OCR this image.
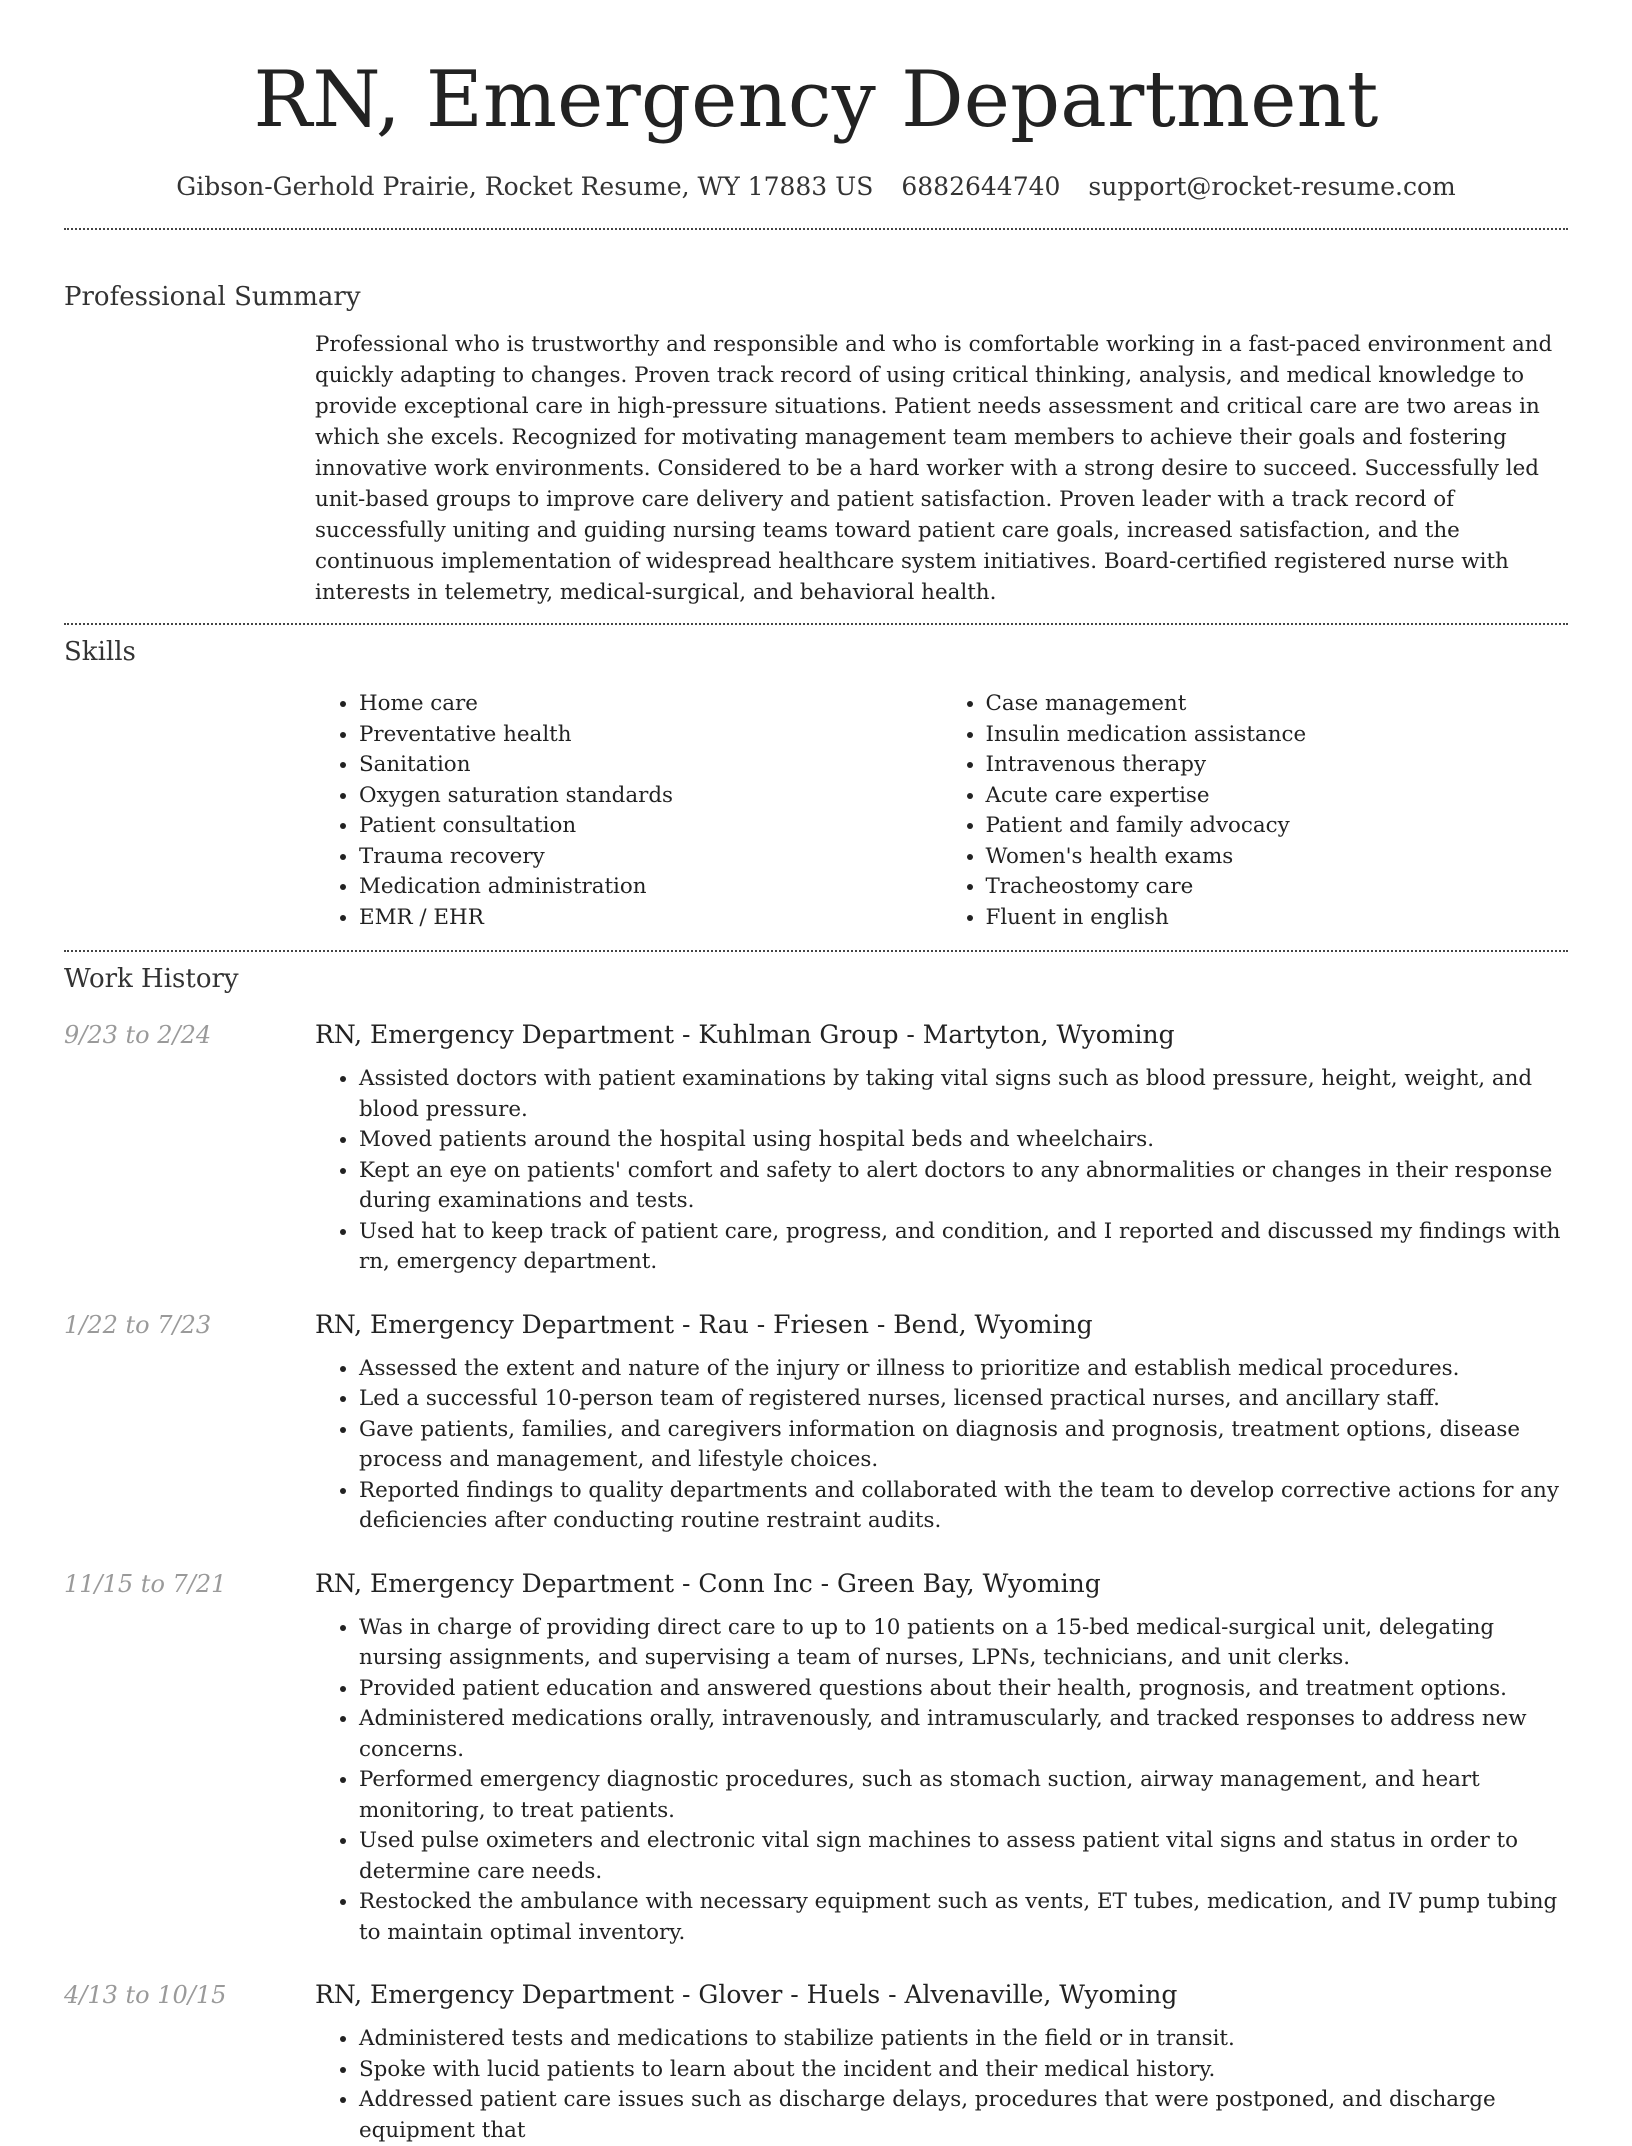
RN, Emergency Department
Gibson-Gerhold Prairie, Rocket Resume, WY 17883 US 6882644740 support@rocket-resume.com
Professional Summary

Professional who is trustworthy and responsible and who is comfortable working in a fast-paced environment and quickly adapting to changes. Proven track record of using critical thinking, analysis, and medical knowledge to provide exceptional care in high-pressure situations. Patient needs assessment and critical care are two areas in which she excels. Recognized for motivating management team members to achieve their goals and fostering innovative work environments. Considered to be a hard worker with a strong desire to succeed. Successfully led unit-based groups to improve care delivery and patient satisfaction. Proven leader with a track record of successfully uniting and guiding nursing teams toward patient care goals, increased satisfaction, and the continuous implementation of widespread healthcare system initiatives. Board-certified registered nurse with interests in telemetry, medical-surgical, and behavioral health.

Skills
• Home care
• Preventative health
• Sanitation
• Oxygen saturation standards
• Patient consultation
• Trauma recovery
• Medication administration
• EMR / EHR
• Case management
• Insulin medication assistance
• Intravenous therapy
• Acute care expertise
• Patient and family advocacy
• Women's health exams
• Tracheostomy care
• Fluent in english
Work History
9/23 to 2/24	RN, Emergency Department - Kuhlman Group - Martyton, Wyoming
• Assisted doctors with patient examinations by taking vital signs such as blood pressure, height, weight, and blood pressure.
• Moved patients around the hospital using hospital beds and wheelchairs.
• Kept an eye on patients' comfort and safety to alert doctors to any abnormalities or changes in their response during examinations and tests.
• Used hat to keep track of patient care, progress, and condition, and I reported and discussed my findings with rn, emergency department.
1/22 to 7/23	RN, Emergency Department - Rau - Friesen - Bend, Wyoming
• Assessed the extent and nature of the injury or illness to prioritize and establish medical procedures.
• Led a successful 10-person team of registered nurses, licensed practical nurses, and ancillary staff.
• Gave patients, families, and caregivers information on diagnosis and prognosis, treatment options, disease process and management, and lifestyle choices.
• Reported findings to quality departments and collaborated with the team to develop corrective actions for any deficiencies after conducting routine restraint audits.
11/15 to 7/21	RN, Emergency Department - Conn Inc - Green Bay, Wyoming
• Was in charge of providing direct care to up to 10 patients on a 15-bed medical-surgical unit, delegating nursing assignments, and supervising a team of nurses, LPNs, technicians, and unit clerks.
• Provided patient education and answered questions about their health, prognosis, and treatment options.
• Administered medications orally, intravenously, and intramuscularly, and tracked responses to address new concerns.
• Performed emergency diagnostic procedures, such as stomach suction, airway management, and heart monitoring, to treat patients.
• Used pulse oximeters and electronic vital sign machines to assess patient vital signs and status in order to determine care needs.
• Restocked the ambulance with necessary equipment such as vents, ET tubes, medication, and IV pump tubing to maintain optimal inventory.
4/13 to 10/15	RN, Emergency Department - Glover - Huels - Alvenaville, Wyoming
• Administered tests and medications to stabilize patients in the field or in transit.
• Spoke with lucid patients to learn about the incident and their medical history.
• Addressed patient care issues such as discharge delays, procedures that were postponed, and discharge equipment that
